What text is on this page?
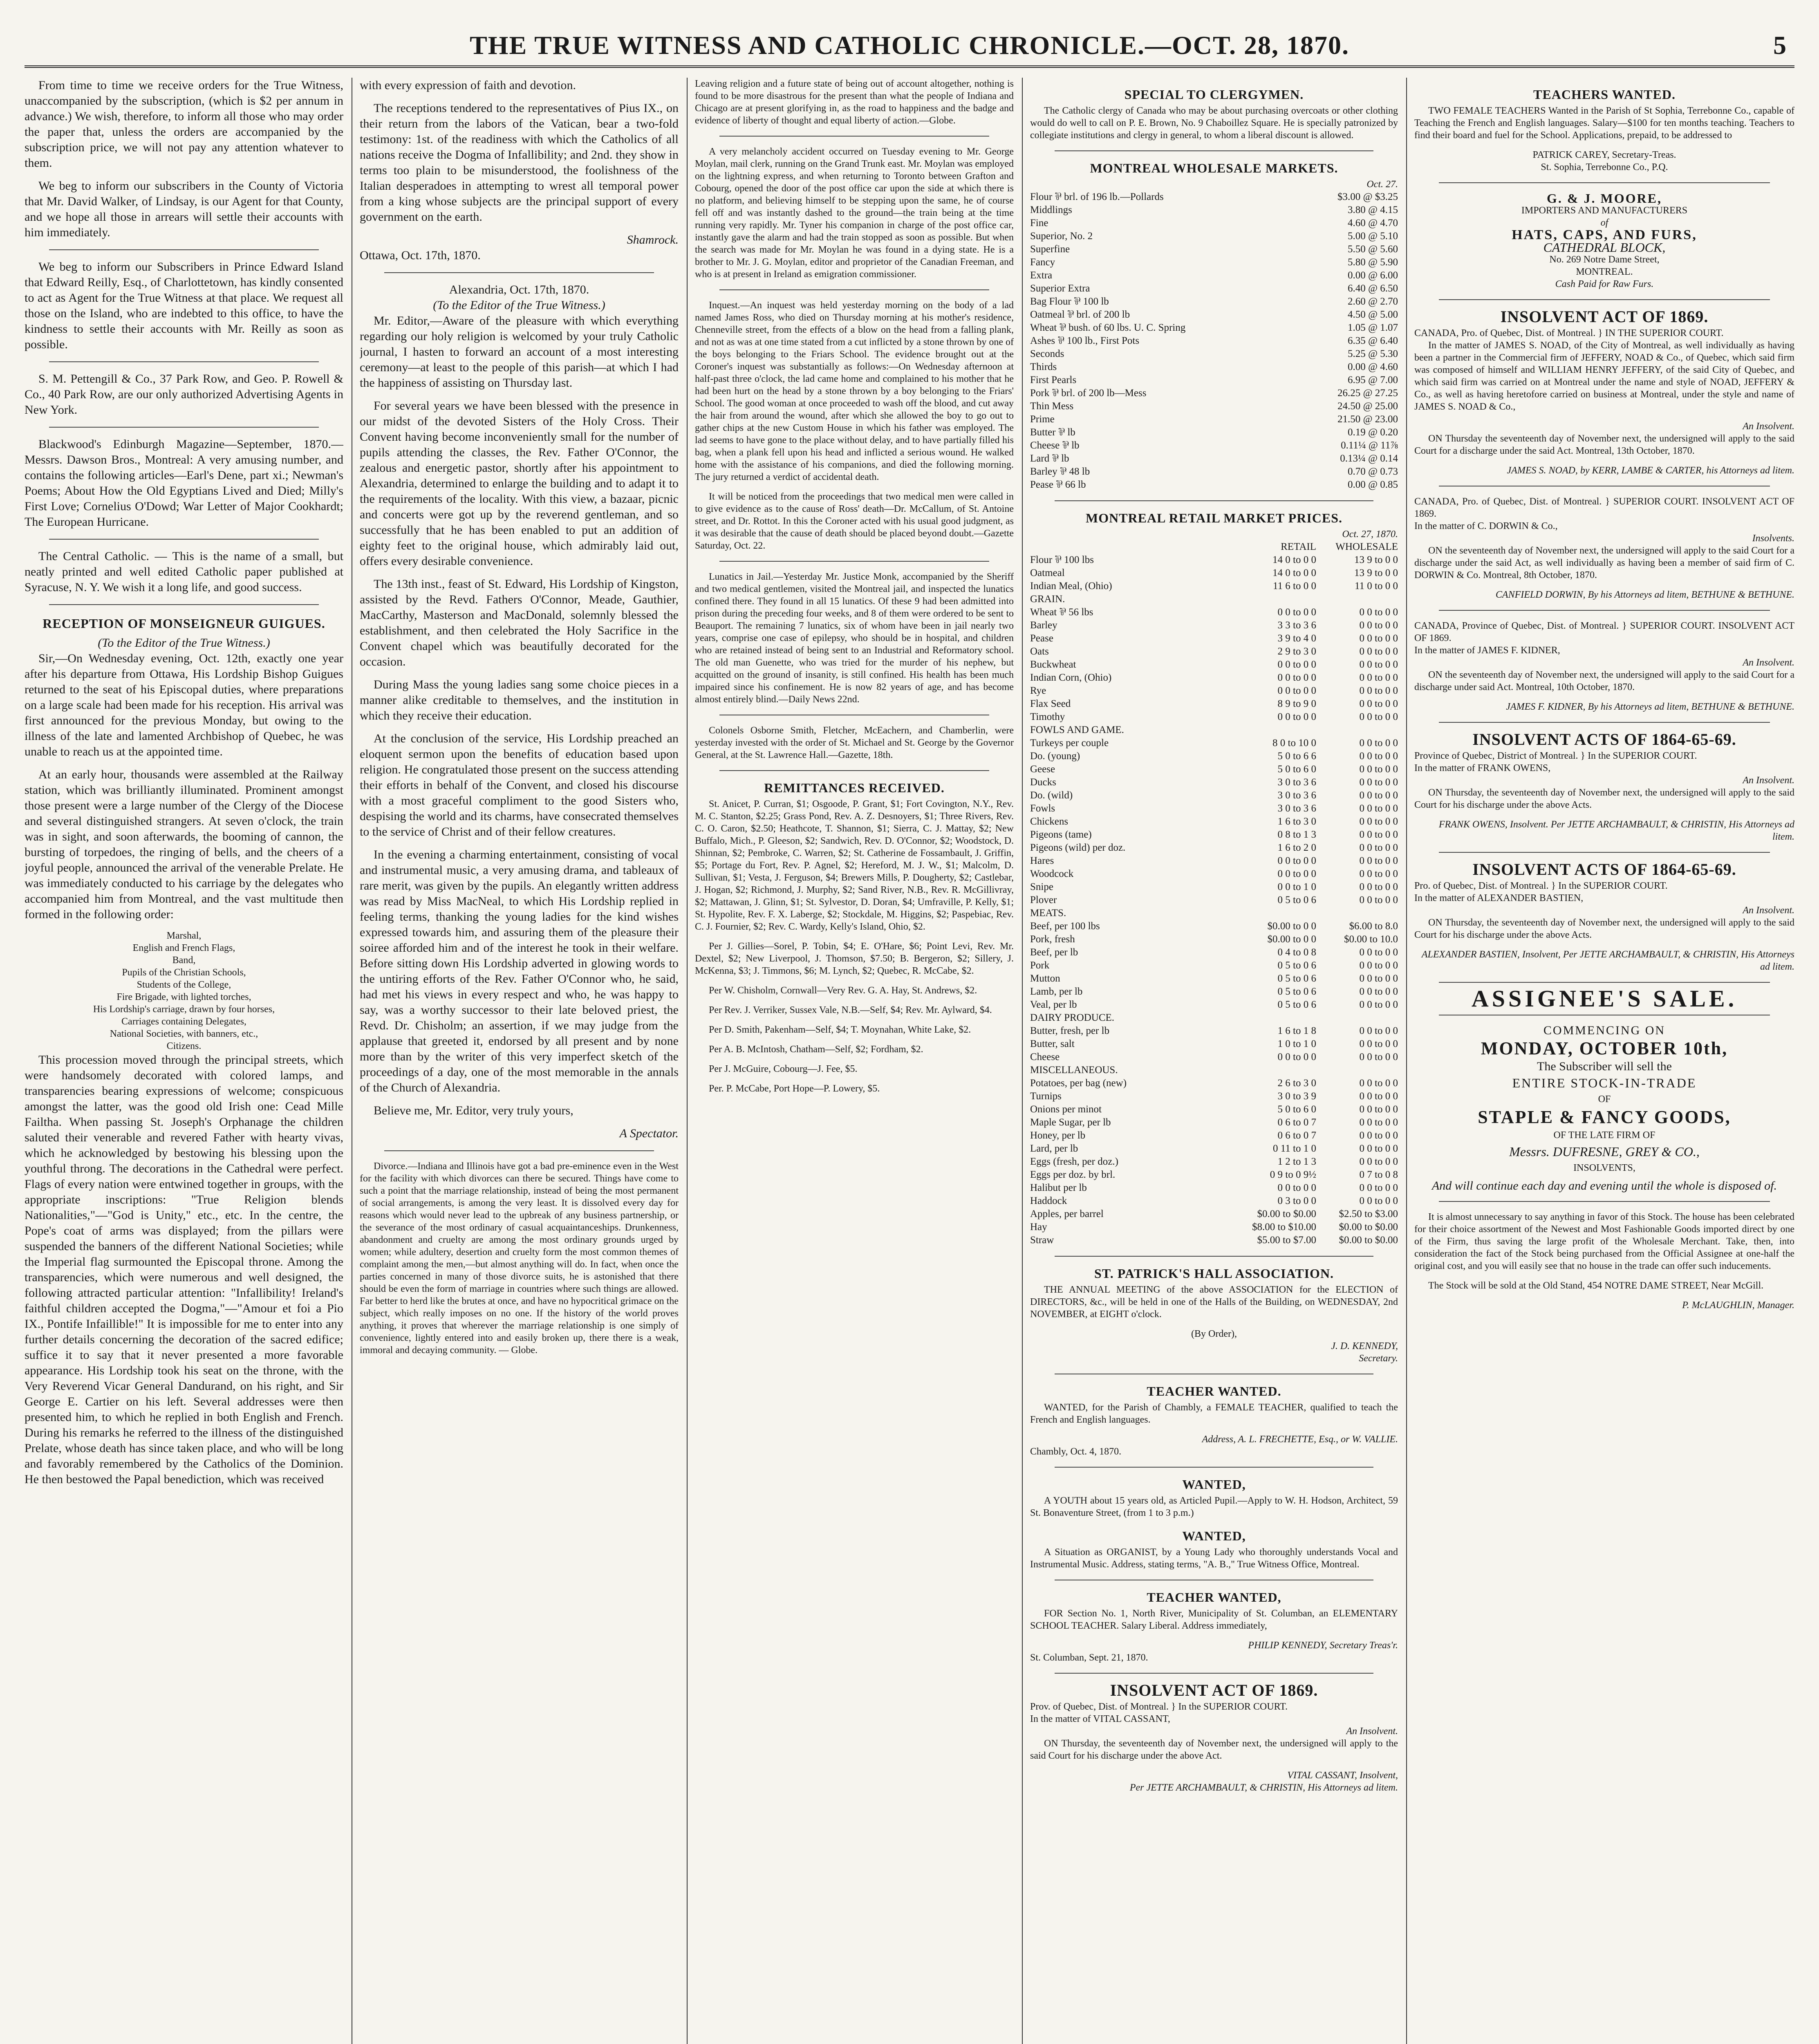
THE TRUE WITNESS AND CATHOLIC CHRONICLE.—OCT. 28, 1870.	5

From time to time we receive orders for the True Witness, unaccompanied by the subscription, (which is $2 per annum in advance.) We wish, therefore, to inform all those who may order the paper that, unless the orders are accompanied by the subscription price, we will not pay any attention whatever to them.

We beg to inform our subscribers in the County of Victoria that Mr. David Walker, of Lindsay, is our Agent for that County, and we hope all those in arrears will settle their accounts with him immediately.

We beg to inform our Subscribers in Prince Edward Island that Edward Reilly, Esq., of Charlottetown, has kindly consented to act as Agent for the True Witness at that place. We request all those on the Island, who are indebted to this office, to have the kindness to settle their accounts with Mr. Reilly as soon as possible.

S. M. Pettengill & Co., 37 Park Row, and Geo. P. Rowell & Co., 40 Park Row, are our only authorized Advertising Agents in New York.

Blackwood's Edinburgh Magazine—September, 1870.—Messrs. Dawson Bros., Montreal: A very amusing number, and contains the following articles—Earl's Dene, part xi.; Newman's Poems; About How the Old Egyptians Lived and Died; Milly's First Love; Cornelius O'Dowd; War Letter of Major Cookhardt; The European Hurricane.

The Central Catholic. — This is the name of a small, but neatly printed and well edited Catholic paper published at Syracuse, N. Y. We wish it a long life, and good success.

RECEPTION OF MONSEIGNEUR GUIGUES.
(To the Editor of the True Witness.)

Sir,—On Wednesday evening, Oct. 12th, exactly one year after his departure from Ottawa, His Lordship Bishop Guigues returned to the seat of his Episcopal duties, where preparations on a large scale had been made for his reception. His arrival was first announced for the previous Monday, but owing to the illness of the late and lamented Archbishop of Quebec, he was unable to reach us at the appointed time.

At an early hour, thousands were assembled at the Railway station, which was brilliantly illuminated. Prominent amongst those present were a large number of the Clergy of the Diocese and several distinguished strangers. At seven o'clock, the train was in sight, and soon afterwards, the booming of cannon, the bursting of torpedoes, the ringing of bells, and the cheers of a joyful people, announced the arrival of the venerable Prelate. He was immediately conducted to his carriage by the delegates who accompanied him from Montreal, and the vast multitude then formed in the following order:

Marshal,
English and French Flags,
Band,
Pupils of the Christian Schools,
Students of the College,
Fire Brigade, with lighted torches,
His Lordship's carriage, drawn by four horses,
Carriages containing Delegates,
National Societies, with banners, etc.,
Citizens.

This procession moved through the principal streets, which were handsomely decorated with colored lamps, and transparencies bearing expressions of welcome; conspicuous amongst the latter, was the good old Irish one: Cead Mille Failtha. When passing St. Joseph's Orphanage the children saluted their venerable and revered Father with hearty vivas, which he acknowledged by bestowing his blessing upon the youthful throng. The decorations in the Cathedral were perfect. Flags of every nation were entwined together in groups, with the appropriate inscriptions: "True Religion blends Nationalities,"—"God is Unity," etc., etc. In the centre, the Pope's coat of arms was displayed; from the pillars were suspended the banners of the different National Societies; while the Imperial flag surmounted the Episcopal throne. Among the transparencies, which were numerous and well designed, the following attracted particular attention: "Infallibility! Ireland's faithful children accepted the Dogma,"—"Amour et foi a Pio IX., Pontife Infaillible!" It is impossible for me to enter into any further details concerning the decoration of the sacred edifice; suffice it to say that it never presented a more favorable appearance. His Lordship took his seat on the throne, with the Very Reverend Vicar General Dandurand, on his right, and Sir George E. Cartier on his left. Several addresses were then presented him, to which he replied in both English and French. During his remarks he referred to the illness of the distinguished Prelate, whose death has since taken place, and who will be long and favorably remembered by the Catholics of the Dominion. He then bestowed the Papal benediction, which was received

with every expression of faith and devotion.

The receptions tendered to the representatives of Pius IX., on their return from the labors of the Vatican, bear a two-fold testimony: 1st. of the readiness with which the Catholics of all nations receive the Dogma of Infallibility; and 2nd. they show in terms too plain to be misunderstood, the foolishness of the Italian desperadoes in attempting to wrest all temporal power from a king whose subjects are the principal support of every government on the earth.

Shamrock.
Ottawa, Oct. 17th, 1870.
Alexandria, Oct. 17th, 1870.
(To the Editor of the True Witness.)

Mr. Editor,—Aware of the pleasure with which everything regarding our holy religion is welcomed by your truly Catholic journal, I hasten to forward an account of a most interesting ceremony—at least to the people of this parish—at which I had the happiness of assisting on Thursday last.

For several years we have been blessed with the presence in our midst of the devoted Sisters of the Holy Cross. Their Convent having become inconveniently small for the number of pupils attending the classes, the Rev. Father O'Connor, the zealous and energetic pastor, shortly after his appointment to Alexandria, determined to enlarge the building and to adapt it to the requirements of the locality. With this view, a bazaar, picnic and concerts were got up by the reverend gentleman, and so successfully that he has been enabled to put an addition of eighty feet to the original house, which admirably laid out, offers every desirable convenience.

The 13th inst., feast of St. Edward, His Lordship of Kingston, assisted by the Revd. Fathers O'Connor, Meade, Gauthier, MacCarthy, Masterson and MacDonald, solemnly blessed the establishment, and then celebrated the Holy Sacrifice in the Convent chapel which was beautifully decorated for the occasion.

During Mass the young ladies sang some choice pieces in a manner alike creditable to themselves, and the institution in which they receive their education.

At the conclusion of the service, His Lordship preached an eloquent sermon upon the benefits of education based upon religion. He congratulated those present on the success attending their efforts in behalf of the Convent, and closed his discourse with a most graceful compliment to the good Sisters who, despising the world and its charms, have consecrated themselves to the service of Christ and of their fellow creatures.

In the evening a charming entertainment, consisting of vocal and instrumental music, a very amusing drama, and tableaux of rare merit, was given by the pupils. An elegantly written address was read by Miss MacNeal, to which His Lordship replied in feeling terms, thanking the young ladies for the kind wishes expressed towards him, and assuring them of the pleasure their soiree afforded him and of the interest he took in their welfare. Before sitting down His Lordship adverted in glowing words to the untiring efforts of the Rev. Father O'Connor who, he said, had met his views in every respect and who, he was happy to say, was a worthy successor to their late beloved priest, the Revd. Dr. Chisholm; an assertion, if we may judge from the applause that greeted it, endorsed by all present and by none more than by the writer of this very imperfect sketch of the proceedings of a day, one of the most memorable in the annals of the Church of Alexandria.

Believe me, Mr. Editor, very truly yours,

A Spectator.

Divorce.—Indiana and Illinois have got a bad pre-eminence even in the West for the facility with which divorces can there be secured. Things have come to such a point that the marriage relationship, instead of being the most permanent of social arrangements, is among the very least. It is dissolved every day for reasons which would never lead to the upbreak of any business partnership, or the severance of the most ordinary of casual acquaintanceships. Drunkenness, abandonment and cruelty are among the most ordinary grounds urged by women; while adultery, desertion and cruelty form the most common themes of complaint among the men,—but almost anything will do. In fact, when once the parties concerned in many of those divorce suits, he is astonished that there should be even the form of marriage in countries where such things are allowed. Far better to herd like the brutes at once, and have no hypocritical grimace on the subject, which really imposes on no one. If the history of the world proves anything, it proves that wherever the marriage relationship is one simply of convenience, lightly entered into and easily broken up, there there is a weak, immoral and decaying community. — Globe.

Leaving religion and a future state of being out of account altogether, nothing is found to be more disastrous for the present than what the people of Indiana and Chicago are at present glorifying in, as the road to happiness and the badge and evidence of liberty of thought and equal liberty of action.—Globe.

A very melancholy accident occurred on Tuesday evening to Mr. George Moylan, mail clerk, running on the Grand Trunk east. Mr. Moylan was employed on the lightning express, and when returning to Toronto between Grafton and Cobourg, opened the door of the post office car upon the side at which there is no platform, and believing himself to be stepping upon the same, he of course fell off and was instantly dashed to the ground—the train being at the time running very rapidly. Mr. Tyner his companion in charge of the post office car, instantly gave the alarm and had the train stopped as soon as possible. But when the search was made for Mr. Moylan he was found in a dying state. He is a brother to Mr. J. G. Moylan, editor and proprietor of the Canadian Freeman, and who is at present in Ireland as emigration commissioner.

Inquest.—An inquest was held yesterday morning on the body of a lad named James Ross, who died on Thursday morning at his mother's residence, Chenneville street, from the effects of a blow on the head from a falling plank, and not as was at one time stated from a cut inflicted by a stone thrown by one of the boys belonging to the Friars School. The evidence brought out at the Coroner's inquest was substantially as follows:—On Wednesday afternoon at half-past three o'clock, the lad came home and complained to his mother that he had been hurt on the head by a stone thrown by a boy belonging to the Friars' School. The good woman at once proceeded to wash off the blood, and cut away the hair from around the wound, after which she allowed the boy to go out to gather chips at the new Custom House in which his father was employed. The lad seems to have gone to the place without delay, and to have partially filled his bag, when a plank fell upon his head and inflicted a serious wound. He walked home with the assistance of his companions, and died the following morning. The jury returned a verdict of accidental death.

It will be noticed from the proceedings that two medical men were called in to give evidence as to the cause of Ross' death—Dr. McCallum, of St. Antoine street, and Dr. Rottot. In this the Coroner acted with his usual good judgment, as it was desirable that the cause of death should be placed beyond doubt.—Gazette Saturday, Oct. 22.

Lunatics in Jail.—Yesterday Mr. Justice Monk, accompanied by the Sheriff and two medical gentlemen, visited the Montreal jail, and inspected the lunatics confined there. They found in all 15 lunatics. Of these 9 had been admitted into prison during the preceding four weeks, and 8 of them were ordered to be sent to Beauport. The remaining 7 lunatics, six of whom have been in jail nearly two years, comprise one case of epilepsy, who should be in hospital, and children who are retained instead of being sent to an Industrial and Reformatory school. The old man Guenette, who was tried for the murder of his nephew, but acquitted on the ground of insanity, is still confined. His health has been much impaired since his confinement. He is now 82 years of age, and has become almost entirely blind.—Daily News 22nd.

Colonels Osborne Smith, Fletcher, McEachern, and Chamberlin, were yesterday invested with the order of St. Michael and St. George by the Governor General, at the St. Lawrence Hall.—Gazette, 18th.

REMITTANCES RECEIVED.

St. Anicet, P. Curran, $1; Osgoode, P. Grant, $1; Fort Covington, N.Y., Rev. M. C. Stanton, $2.25; Grass Pond, Rev. A. Z. Desnoyers, $1; Three Rivers, Rev. C. O. Caron, $2.50; Heathcote, T. Shannon, $1; Sierra, C. J. Mattay, $2; New Buffalo, Mich., P. Gleeson, $2; Sandwich, Rev. D. O'Connor, $2; Woodstock, D. Shinnan, $2; Pembroke, C. Warren, $2; St. Catherine de Fossambault, J. Griffin, $5; Portage du Fort, Rev. P. Agnel, $2; Hereford, M. J. W., $1; Malcolm, D. Sullivan, $1; Vesta, J. Ferguson, $4; Brewers Mills, P. Dougherty, $2; Castlebar, J. Hogan, $2; Richmond, J. Murphy, $2; Sand River, N.B., Rev. R. McGillivray, $2; Mattawan, J. Glinn, $1; St. Sylvestor, D. Doran, $4; Umfraville, P. Kelly, $1; St. Hypolite, Rev. F. X. Laberge, $2; Stockdale, M. Higgins, $2; Paspebiac, Rev. C. J. Fournier, $2; Rev. C. Wardy, Kelly's Island, Ohio, $2.

Per J. Gillies—Sorel, P. Tobin, $4; E. O'Hare, $6; Point Levi, Rev. Mr. Dextel, $2; New Liverpool, J. Thomson, $7.50; B. Bergeron, $2; Sillery, J. McKenna, $3; J. Timmons, $6; M. Lynch, $2; Quebec, R. McCabe, $2.

Per W. Chisholm, Cornwall—Very Rev. G. A. Hay, St. Andrews, $2.

Per Rev. J. Verriker, Sussex Vale, N.B.—Self, $4; Rev. Mr. Aylward, $4.

Per D. Smith, Pakenham—Self, $4; T. Moynahan, White Lake, $2.

Per A. B. McIntosh, Chatham—Self, $2; Fordham, $2.

Per J. McGuire, Cobourg—J. Fee, $5.

Per. P. McCabe, Port Hope—P. Lowery, $5.

SPECIAL TO CLERGYMEN.

The Catholic clergy of Canada who may be about purchasing overcoats or other clothing would do well to call on P. E. Brown, No. 9 Chaboillez Square. He is specially patronized by collegiate institutions and clergy in general, to whom a liberal discount is allowed.

MONTREAL WHOLESALE MARKETS.
Oct. 27.
Flour ⅌ brl. of 196 lb.—Pollards	$3.00 @ $3.25
Middlings	3.80 @ 4.15
Fine	4.60 @ 4.70
Superior, No. 2	5.00 @ 5.10
Superfine	5.50 @ 5.60
Fancy	5.80 @ 5.90
Extra	0.00 @ 6.00
Superior Extra	6.40 @ 6.50
Bag Flour ⅌ 100 lb	2.60 @ 2.70
Oatmeal ⅌ brl. of 200 lb	4.50 @ 5.00
Wheat ⅌ bush. of 60 lbs. U. C. Spring	1.05 @ 1.07
Ashes ⅌ 100 lb., First Pots	6.35 @ 6.40
Seconds	5.25 @ 5.30
Thirds	0.00 @ 4.60
First Pearls	6.95 @ 7.00
Pork ⅌ brl. of 200 lb—Mess	26.25 @ 27.25
Thin Mess	24.50 @ 25.00
Prime	21.50 @ 23.00
Butter ⅌ lb	0.19 @ 0.20
Cheese ⅌ lb	0.11¼ @ 11⅞
Lard ⅌ lb	0.13¼ @ 0.14
Barley ⅌ 48 lb	0.70 @ 0.73
Pease ⅌ 66 lb	0.00 @ 0.85
MONTREAL RETAIL MARKET PRICES.
Oct. 27, 1870.
RETAIL	WHOLESALE
Flour ⅌ 100 lbs	14 0 to 0 0	13 9 to 0 0
Oatmeal	14 0 to 0 0	13 9 to 0 0
Indian Meal, (Ohio)	11 6 to 0 0	11 0 to 0 0
GRAIN.
Wheat ⅌ 56 lbs	0 0 to 0 0	0 0 to 0 0
Barley	3 3 to 3 6	0 0 to 0 0
Pease	3 9 to 4 0	0 0 to 0 0
Oats	2 9 to 3 0	0 0 to 0 0
Buckwheat	0 0 to 0 0	0 0 to 0 0
Indian Corn, (Ohio)	0 0 to 0 0	0 0 to 0 0
Rye	0 0 to 0 0	0 0 to 0 0
Flax Seed	8 9 to 9 0	0 0 to 0 0
Timothy	0 0 to 0 0	0 0 to 0 0
FOWLS AND GAME.
Turkeys per couple	8 0 to 10 0	0 0 to 0 0
Do. (young)	5 0 to 6 6	0 0 to 0 0
Geese	5 0 to 6 0	0 0 to 0 0
Ducks	3 0 to 3 6	0 0 to 0 0
Do. (wild)	3 0 to 3 6	0 0 to 0 0
Fowls	3 0 to 3 6	0 0 to 0 0
Chickens	1 6 to 3 0	0 0 to 0 0
Pigeons (tame)	0 8 to 1 3	0 0 to 0 0
Pigeons (wild) per doz.	1 6 to 2 0	0 0 to 0 0
Hares	0 0 to 0 0	0 0 to 0 0
Woodcock	0 0 to 0 0	0 0 to 0 0
Snipe	0 0 to 1 0	0 0 to 0 0
Plover	0 5 to 0 6	0 0 to 0 0
MEATS.
Beef, per 100 lbs	$0.00 to 0 0	$6.00 to 8.0
Pork, fresh	$0.00 to 0 0	$0.00 to 10.0
Beef, per lb	0 4 to 0 8	0 0 to 0 0
Pork	0 5 to 0 6	0 0 to 0 0
Mutton	0 5 to 0 6	0 0 to 0 0
Lamb, per lb	0 5 to 0 6	0 0 to 0 0
Veal, per lb	0 5 to 0 6	0 0 to 0 0
DAIRY PRODUCE.
Butter, fresh, per lb	1 6 to 1 8	0 0 to 0 0
Butter, salt	1 0 to 1 0	0 0 to 0 0
Cheese	0 0 to 0 0	0 0 to 0 0
MISCELLANEOUS.
Potatoes, per bag (new)	2 6 to 3 0	0 0 to 0 0
Turnips	3 0 to 3 9	0 0 to 0 0
Onions per minot	5 0 to 6 0	0 0 to 0 0
Maple Sugar, per lb	0 6 to 0 7	0 0 to 0 0
Honey, per lb	0 6 to 0 7	0 0 to 0 0
Lard, per lb	0 11 to 1 0	0 0 to 0 0
Eggs (fresh, per doz.)	1 2 to 1 3	0 0 to 0 0
Eggs per doz. by brl.	0 9 to 0 9½	0 7 to 0 8
Halibut per lb	0 0 to 0 0	0 0 to 0 0
Haddock	0 3 to 0 0	0 0 to 0 0
Apples, per barrel	$0.00 to $0.00	$2.50 to $3.00
Hay	$8.00 to $10.00	$0.00 to $0.00
Straw	$5.00 to $7.00	$0.00 to $0.00
ST. PATRICK'S HALL ASSOCIATION.

THE ANNUAL MEETING of the above ASSOCIATION for the ELECTION of DIRECTORS, &c., will be held in one of the Halls of the Building, on WEDNESDAY, 2nd NOVEMBER, at EIGHT o'clock.

(By Order),
J. D. KENNEDY,
Secretary.
TEACHER WANTED.

WANTED, for the Parish of Chambly, a FEMALE TEACHER, qualified to teach the French and English languages.

Address, A. L. FRECHETTE, Esq., or W. VALLIE.
Chambly, Oct. 4, 1870.
WANTED,

A YOUTH about 15 years old, as Articled Pupil.—Apply to W. H. Hodson, Architect, 59 St. Bonaventure Street, (from 1 to 3 p.m.)

WANTED,

A Situation as ORGANIST, by a Young Lady who thoroughly understands Vocal and Instrumental Music. Address, stating terms, "A. B.," True Witness Office, Montreal.

TEACHER WANTED,

FOR Section No. 1, North River, Municipality of St. Columban, an ELEMENTARY SCHOOL TEACHER. Salary Liberal. Address immediately,

PHILIP KENNEDY, Secretary Treas'r.
St. Columban, Sept. 21, 1870.
INSOLVENT ACT OF 1869.
Prov. of Quebec, Dist. of Montreal. } In the SUPERIOR COURT.
In the matter of VITAL CASSANT,
An Insolvent.

ON Thursday, the seventeenth day of November next, the undersigned will apply to the said Court for his discharge under the above Act.

VITAL CASSANT, Insolvent,
Per JETTE ARCHAMBAULT, & CHRISTIN, His Attorneys ad litem.
TEACHERS WANTED.

TWO FEMALE TEACHERS Wanted in the Parish of St Sophia, Terrebonne Co., capable of Teaching the French and English languages. Salary—$100 for ten months teaching. Teachers to find their board and fuel for the School. Applications, prepaid, to be addressed to

PATRICK CAREY, Secretary-Treas.
St. Sophia, Terrebonne Co., P.Q.
G. & J. MOORE,
IMPORTERS AND MANUFACTURERS
of
HATS, CAPS, AND FURS,
CATHEDRAL BLOCK,
No. 269 Notre Dame Street,
MONTREAL.
Cash Paid for Raw Furs.
INSOLVENT ACT OF 1869.
CANADA, Pro. of Quebec, Dist. of Montreal. } IN THE SUPERIOR COURT.

In the matter of JAMES S. NOAD, of the City of Montreal, as well individually as having been a partner in the Commercial firm of JEFFERY, NOAD & Co., of Quebec, which said firm was composed of himself and WILLIAM HENRY JEFFERY, of the said City of Quebec, and which said firm was carried on at Montreal under the name and style of NOAD, JEFFERY & Co., as well as having heretofore carried on business at Montreal, under the style and name of JAMES S. NOAD & Co.,

An Insolvent.

ON Thursday the seventeenth day of November next, the undersigned will apply to the said Court for a discharge under the said Act. Montreal, 13th October, 1870.

JAMES S. NOAD, by KERR, LAMBE & CARTER, his Attorneys ad litem.
CANADA, Pro. of Quebec, Dist. of Montreal. } SUPERIOR COURT. INSOLVENT ACT OF 1869.
In the matter of C. DORWIN & Co.,
Insolvents.

ON the seventeenth day of November next, the undersigned will apply to the said Court for a discharge under the said Act, as well individually as having been a member of said firm of C. DORWIN & Co. Montreal, 8th October, 1870.

CANFIELD DORWIN, By his Attorneys ad litem, BETHUNE & BETHUNE.
CANADA, Province of Quebec, Dist. of Montreal. } SUPERIOR COURT. INSOLVENT ACT OF 1869.
In the matter of JAMES F. KIDNER,
An Insolvent.

ON the seventeenth day of November next, the undersigned will apply to the said Court for a discharge under said Act. Montreal, 10th October, 1870.

JAMES F. KIDNER, By his Attorneys ad litem, BETHUNE & BETHUNE.
INSOLVENT ACTS OF 1864-65-69.
Province of Quebec, District of Montreal. } In the SUPERIOR COURT.
In the matter of FRANK OWENS,
An Insolvent.

ON Thursday, the seventeenth day of November next, the undersigned will apply to the said Court for his discharge under the above Acts.

FRANK OWENS, Insolvent. Per JETTE ARCHAMBAULT, & CHRISTIN, His Attorneys ad litem.
INSOLVENT ACTS OF 1864-65-69.
Pro. of Quebec, Dist. of Montreal. } In the SUPERIOR COURT.
In the matter of ALEXANDER BASTIEN,
An Insolvent.

ON Thursday, the seventeenth day of November next, the undersigned will apply to the said Court for his discharge under the above Acts.

ALEXANDER BASTIEN, Insolvent, Per JETTE ARCHAMBAULT, & CHRISTIN, His Attorneys ad litem.
ASSIGNEE'S SALE.
COMMENCING ON
MONDAY, OCTOBER 10th,
The Subscriber will sell the
ENTIRE STOCK-IN-TRADE
OF
STAPLE & FANCY GOODS,
OF THE LATE FIRM OF
Messrs. DUFRESNE, GREY & CO.,
INSOLVENTS,
And will continue each day and evening until the whole is disposed of.

It is almost unnecessary to say anything in favor of this Stock. The house has been celebrated for their choice assortment of the Newest and Most Fashionable Goods imported direct by one of the Firm, thus saving the large profit of the Wholesale Merchant. Take, then, into consideration the fact of the Stock being purchased from the Official Assignee at one-half the original cost, and you will easily see that no house in the trade can offer such inducements.

The Stock will be sold at the Old Stand, 454 NOTRE DAME STREET, Near McGill.

P. McLAUGHLIN, Manager.
